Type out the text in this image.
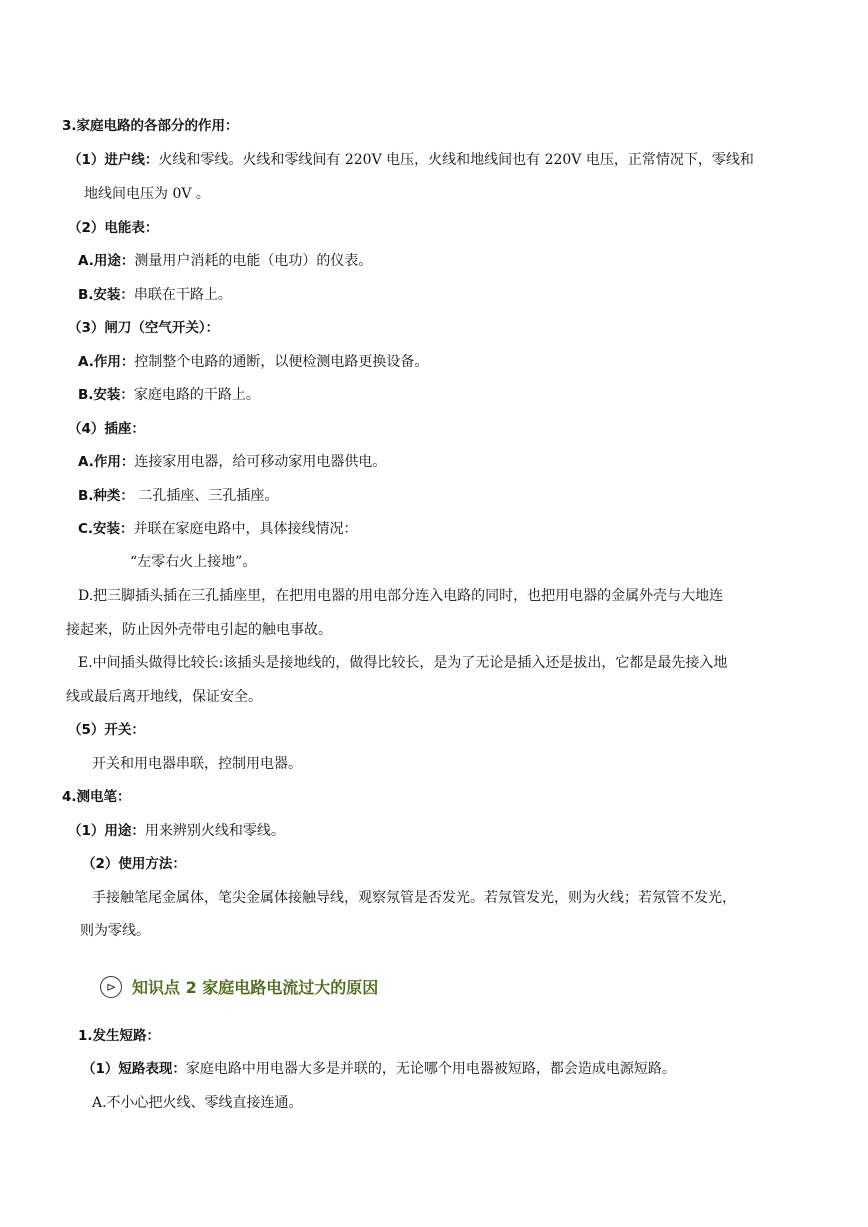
3.家庭电路的各部分的作用：
（1）进户线：火线和零线。火线和零线间有 220V 电压，火线和地线间也有 220V 电压，正常情况下，零线和
地线间电压为 0V 。
（2）电能表：
A.用途：测量用户消耗的电能（电功）的仪表。
B.安装：串联在干路上。
（3）闸刀（空气开关）：
A.作用：控制整个电路的通断，以便检测电路更换设备。
B.安装：家庭电路的干路上。
（4）插座：
A.作用：连接家用电器，给可移动家用电器供电。
B.种类： 二孔插座、三孔插座。
C.安装：并联在家庭电路中，具体接线情况：
“左零右火上接地”。
D.把三脚插头插在三孔插座里，在把用电器的用电部分连入电路的同时，也把用电器的金属外壳与大地连
接起来，防止因外壳带电引起的触电事故。
E.中间插头做得比较长:该插头是接地线的，做得比较长，是为了无论是插入还是拔出，它都是最先接入地
线或最后离开地线，保证安全。
（5）开关：
开关和用电器串联，控制用电器。
4.测电笔：
（1）用途：用来辨别火线和零线。
（2）使用方法：
手接触笔尾金属体，笔尖金属体接触导线，观察氖管是否发光。若氖管发光，则为火线；若氖管不发光，
则为零线。
⊳ 知识点 2 家庭电路电流过大的原因
1.发生短路：
（1）短路表现：家庭电路中用电器大多是并联的，无论哪个用电器被短路，都会造成电源短路。
A.不小心把火线、零线直接连通。
